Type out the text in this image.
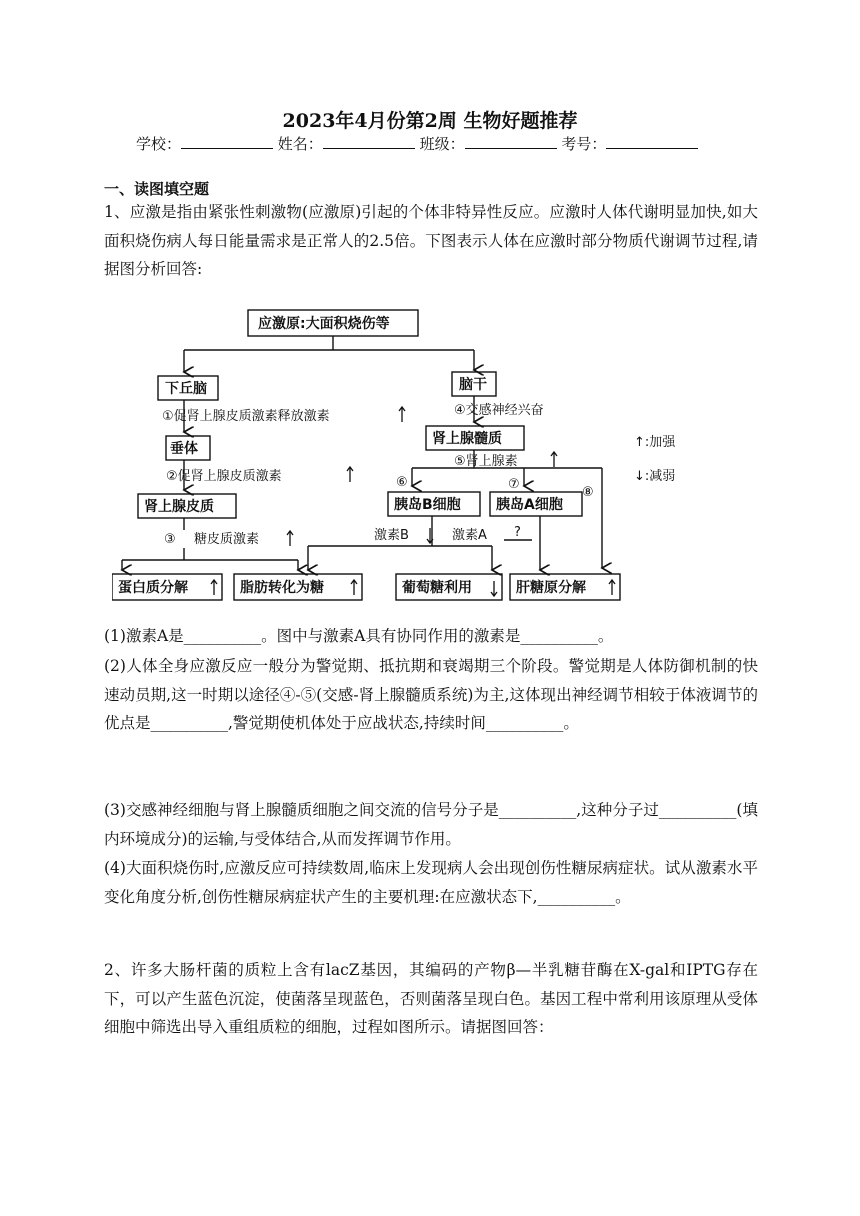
2023年4月份第2周 生物好题推荐
学校：	姓名：	班级：	考号：
一、读图填空题
1、应激是指由紧张性刺激物(应激原)引起的个体非特异性反应。应激时人体代谢明显加快,如大面积烧伤病人每日能量需求是正常人的2.5倍。下图表示人体在应激时部分物质代谢调节过程,请据图分析回答:
应激原:大面积烧伤等
下丘脑	脑干
垂体
肾上腺皮质
肾上腺髓质
胰岛B细胞	胰岛A细胞
蛋白质分解	脂肪转化为糖	葡萄糖利用	肝糖原分解
①促肾上腺皮质激素释放激素
②促肾上腺皮质激素
③ 糖皮质激素
④交感神经兴奋
⑤肾上腺素
⑥	⑦
⑧
激素B	激素A ?
↑:加强
↓:减弱
(1)激素A是__________。图中与激素A具有协同作用的激素是__________。
(2)人体全身应激反应一般分为警觉期、抵抗期和衰竭期三个阶段。警觉期是人体防御机制的快速动员期,这一时期以途径④-⑤(交感-肾上腺髓质系统)为主,这体现出神经调节相较于体液调节的优点是__________,警觉期使机体处于应战状态,持续时间__________。
(3)交感神经细胞与肾上腺髓质细胞之间交流的信号分子是__________,这种分子过__________(填内环境成分)的运输,与受体结合,从而发挥调节作用。
(4)大面积烧伤时,应激反应可持续数周,临床上发现病人会出现创伤性糖尿病症状。试从激素水平变化角度分析,创伤性糖尿病症状产生的主要机理:在应激状态下,__________。
2、许多大肠杆菌的质粒上含有lacZ基因，其编码的产物β—半乳糖苷酶在X-gal和IPTG存在下，可以产生蓝色沉淀，使菌落呈现蓝色，否则菌落呈现白色。基因工程中常利用该原理从受体细胞中筛选出导入重组质粒的细胞，过程如图所示。请据图回答：
